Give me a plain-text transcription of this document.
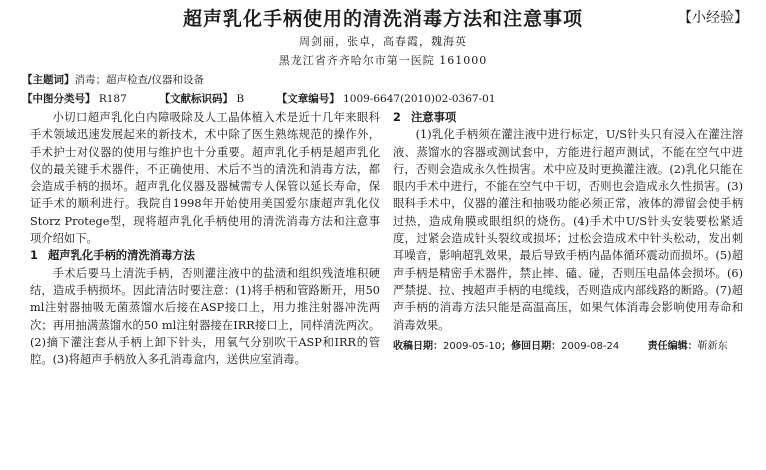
超声乳化手柄使用的清洗消毒方法和注意事项	【小经验】
周剑丽，张卓，高春霞，魏海英
黑龙江省齐齐哈尔市第一医院 161000
【主题词】消毒；超声检查/仪器和设备
【中图分类号】 R187	【文献标识码】 B	【文章编号】 1009-6647(2010)02-0367-01

小切口超声乳化白内障吸除及人工晶体植入术是近十几年来眼科手术领域迅速发展起来的新技术，术中除了医生熟练规范的操作外，手术护士对仪器的使用与维护也十分重要。超声乳化手柄是超声乳化仪的最关键手术器件，不正确使用、术后不当的清洗和消毒方法，都会造成手柄的损坏。超声乳化仪器及器械需专人保管以延长寿命，保证手术的顺利进行。我院自1998年开始使用美国爱尔康超声乳化仪Storz Protege型，现将超声乳化手柄使用的清洗消毒方法和注意事项介绍如下。

1 超声乳化手柄的清洗消毒方法

手术后要马上清洗手柄，否则灌注液中的盐渍和组织残渣堆积硬结，造成手柄损坏。因此清洁时要注意：(1)将手柄和管路断开，用50 ml注射器抽吸无菌蒸馏水后接在ASP接口上，用力推注射器冲洗两次；再用抽满蒸馏水的50 ml注射器接在IRR接口上，同样清洗两次。(2)摘下灌注套从手柄上卸下针头，用氧气分别吹干ASP和IRR的管腔。(3)将超声手柄放入多孔消毒盒内，送供应室消毒。

2 注意事项

(1)乳化手柄须在灌注液中进行标定，U/S针头只有浸入在灌注溶液、蒸馏水的容器或测试套中，方能进行超声测试，不能在空气中进行，否则会造成永久性损害。术中应及时更换灌注液。(2)乳化只能在眼内手术中进行，不能在空气中干切，否则也会造成永久性损害。(3)眼科手术中，仪器的灌注和抽吸功能必须正常，液体的滞留会使手柄过热，造成角膜或眼组织的烧伤。(4)手术中U/S针头安装要松紧适度，过紧会造成针头裂纹或损坏；过松会造成术中针头松动，发出刺耳噪音，影响超乳效果，最后导致手柄内晶体循环震动而损坏。(5)超声手柄是精密手术器件，禁止摔、磕、碰，否则压电晶体会损坏。(6)严禁提、拉、拽超声手柄的电缆线，否则造成内部线路的断路。(7)超声手柄的消毒方法只能是高温高压，如果气体消毒会影响使用寿命和消毒效果。

收稿日期：2009-05-10；修回日期：2009-08-24	责任编辑：靳新东
